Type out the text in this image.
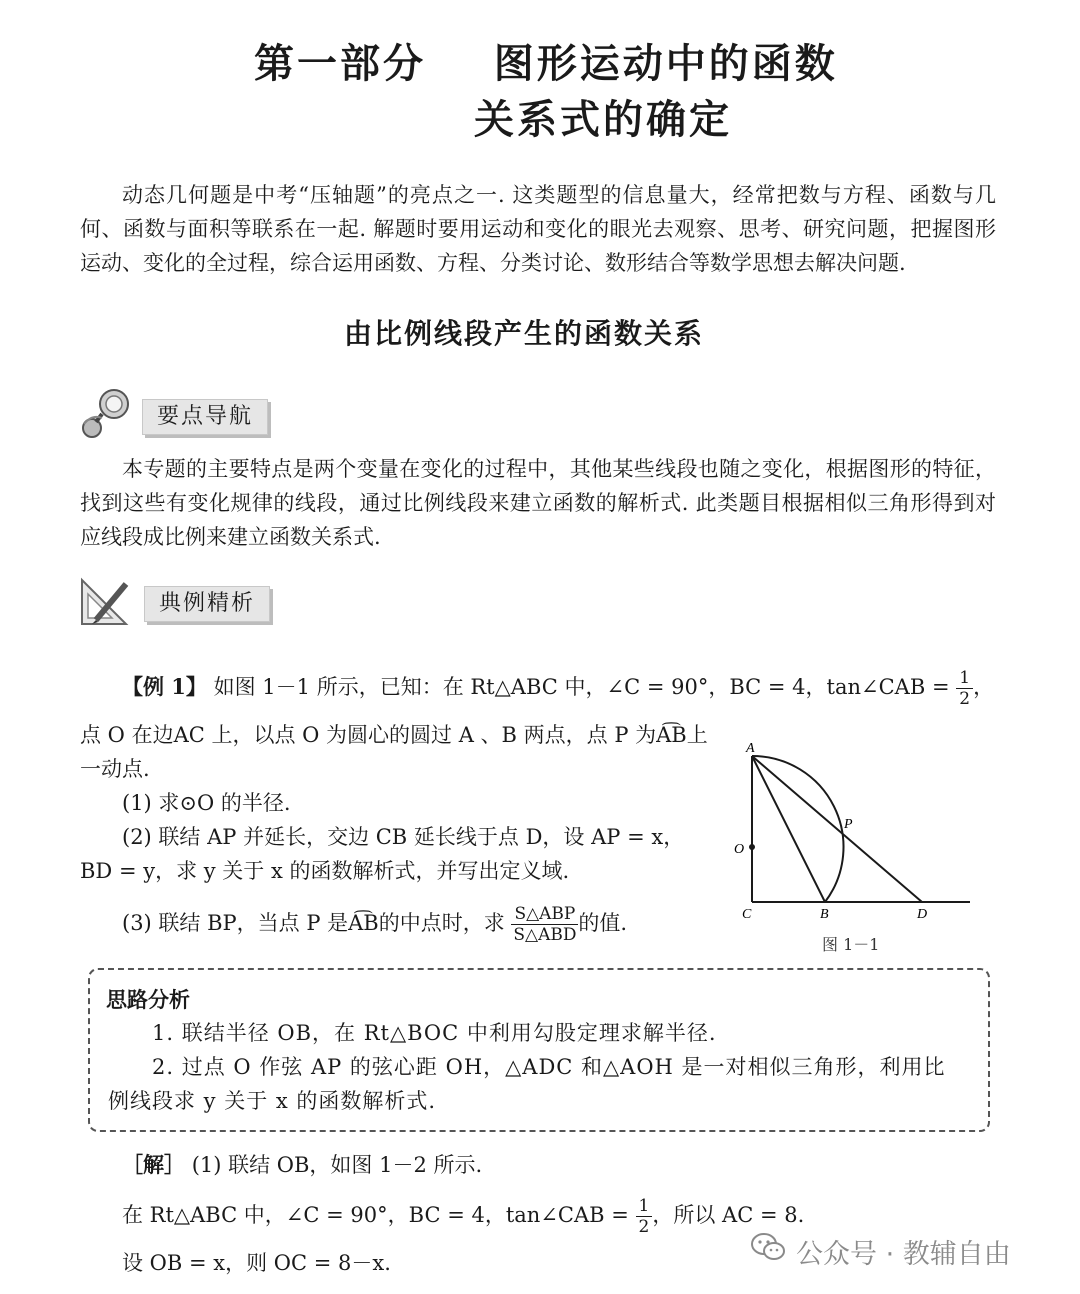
第一部分    图形运动中的函数
关系式的确定
动态几何题是中考“压轴题”的亮点之一. 这类题型的信息量大，经常把数与方程、函数与几何、函数与面积等联系在一起. 解题时要用运动和变化的眼光去观察、思考、研究问题，把握图形运动、变化的全过程，综合运用函数、方程、分类讨论、数形结合等数学思想去解决问题.
由比例线段产生的函数关系
要点导航
本专题的主要特点是两个变量在变化的过程中，其他某些线段也随之变化，根据图形的特征，找到这些有变化规律的线段，通过比例线段来建立函数的解析式. 此类题目根据相似三角形得到对应线段成比例来建立函数关系式.
典例精析
【例 1】 如图 1－1 所示，已知：在 Rt△ABC 中，∠C = 90°，BC = 4，tan∠CAB = $\frac{1}{2}$ ，
点 O 在边AC 上，以点 O 为圆心的圆过 A 、B 两点，点 P 为A͡B上
一动点.
(1) 求⊙O 的半径.
(2) 联结 AP 并延长，交边 CB 延长线于点 D，设 AP = x，
BD = y，求 y 关于 x 的函数解析式，并写出定义域.
(3) 联结 BP，当点 P 是A͡B的中点时，求 $\frac{\text{S△ABP}}{\text{S△ABD}}$ 的值.
A
P
O
C	B	D
图 1－1
思路分析
1. 联结半径 OB，在 Rt△BOC 中利用勾股定理求解半径.
2. 过点 O 作弦 AP 的弦心距 OH，△ADC 和△AOH 是一对相似三角形，利用比
例线段求 y 关于 x 的函数解析式.
［解］ (1) 联结 OB，如图 1－2 所示.
在 Rt△ABC 中，∠C = 90°，BC = 4，tan∠CAB = $\frac{1}{2}$ ，所以 AC = 8.
设 OB = x，则 OC = 8－x.	公众号 · 教辅自由
